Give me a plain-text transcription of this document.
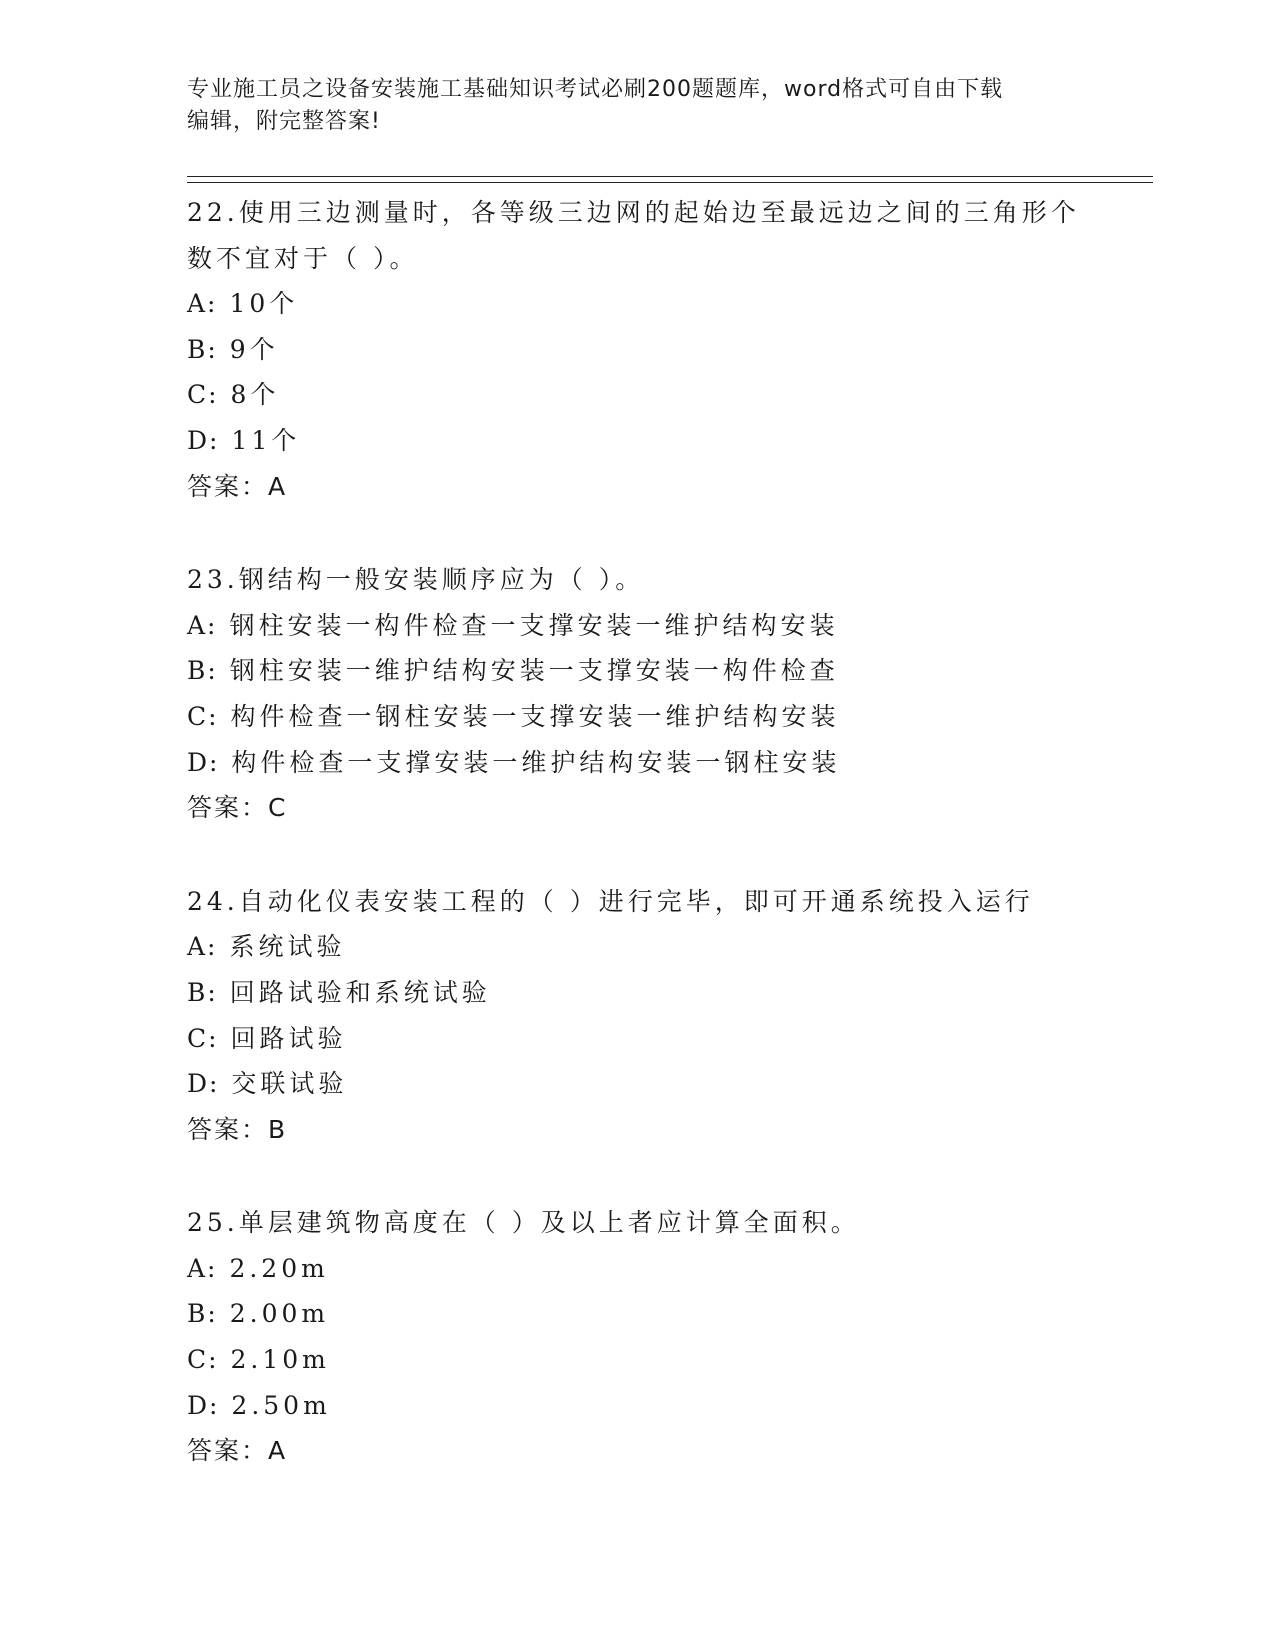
专业施工员之设备安装施工基础知识考试必刷200题题库，word格式可自由下载
编辑，附完整答案!

22.使用三边测量时，各等级三边网的起始边至最远边之间的三角形个

数不宜对于（ ）。

A: 10个

B: 9个

C: 8个

D: 11个

答案：A

23.钢结构一般安装顺序应为（ ）。

A: 钢柱安装一构件检查一支撑安装一维护结构安装

B: 钢柱安装一维护结构安装一支撑安装一构件检查

C: 构件检查一钢柱安装一支撑安装一维护结构安装

D: 构件检查一支撑安装一维护结构安装一钢柱安装

答案：C

24.自动化仪表安装工程的（ ）进行完毕，即可开通系统投入运行

A: 系统试验

B: 回路试验和系统试验

C: 回路试验

D: 交联试验

答案：B

25.单层建筑物高度在（ ）及以上者应计算全面积。

A: 2.20m

B: 2.00m

C: 2.10m

D: 2.50m

答案：A
